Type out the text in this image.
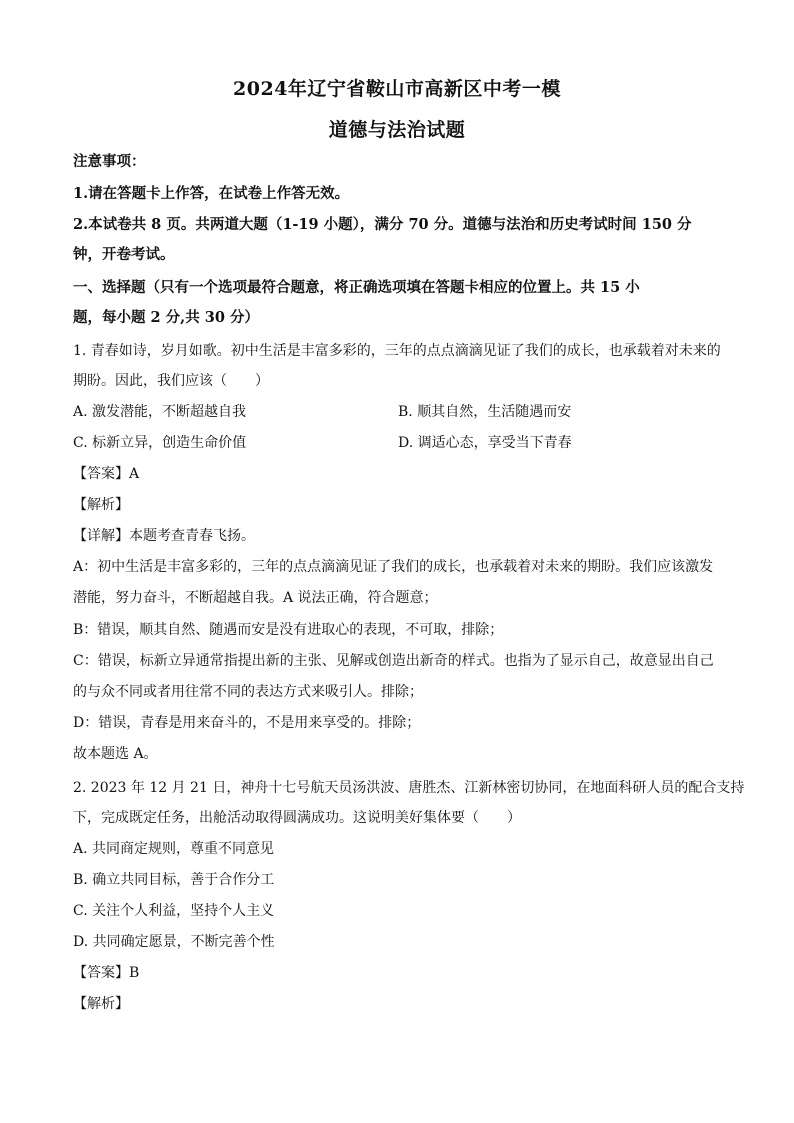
2024年辽宁省鞍山市高新区中考一模
道德与法治试题
注意事项：
1.请在答题卡上作答，在试卷上作答无效。
2.本试卷共 8 页。共两道大题（1-19 小题），满分 70 分。道德与法治和历史考试时间 150 分
钟，开卷考试。
一、选择题（只有一个选项最符合题意，将正确选项填在答题卡相应的位置上。共 15 小
题，每小题 2 分,共 30 分）
1. 青春如诗，岁月如歌。初中生活是丰富多彩的，三年的点点滴滴见证了我们的成长，也承载着对未来的
期盼。因此，我们应该（　　）
A. 激发潜能，不断超越自我	B. 顺其自然，生活随遇而安
C. 标新立异，创造生命价值	D. 调适心态，享受当下青春
【答案】A
【解析】
【详解】本题考查青春飞扬。
A：初中生活是丰富多彩的，三年的点点滴滴见证了我们的成长，也承载着对未来的期盼。我们应该激发
潜能，努力奋斗，不断超越自我。A 说法正确，符合题意；
B：错误，顺其自然、随遇而安是没有进取心的表现，不可取，排除；
C：错误，标新立异通常指提出新的主张、见解或创造出新奇的样式。也指为了显示自己，故意显出自己
的与众不同或者用往常不同的表达方式来吸引人。排除；
D：错误，青春是用来奋斗的，不是用来享受的。排除；
故本题选 A。
2. 2023 年 12 月 21 日，神舟十七号航天员汤洪波、唐胜杰、江新林密切协同，在地面科研人员的配合支持
下，完成既定任务，出舱活动取得圆满成功。这说明美好集体要（　　）
A. 共同商定规则，尊重不同意见
B. 确立共同目标，善于合作分工
C. 关注个人利益，坚持个人主义
D. 共同确定愿景，不断完善个性
【答案】B
【解析】
